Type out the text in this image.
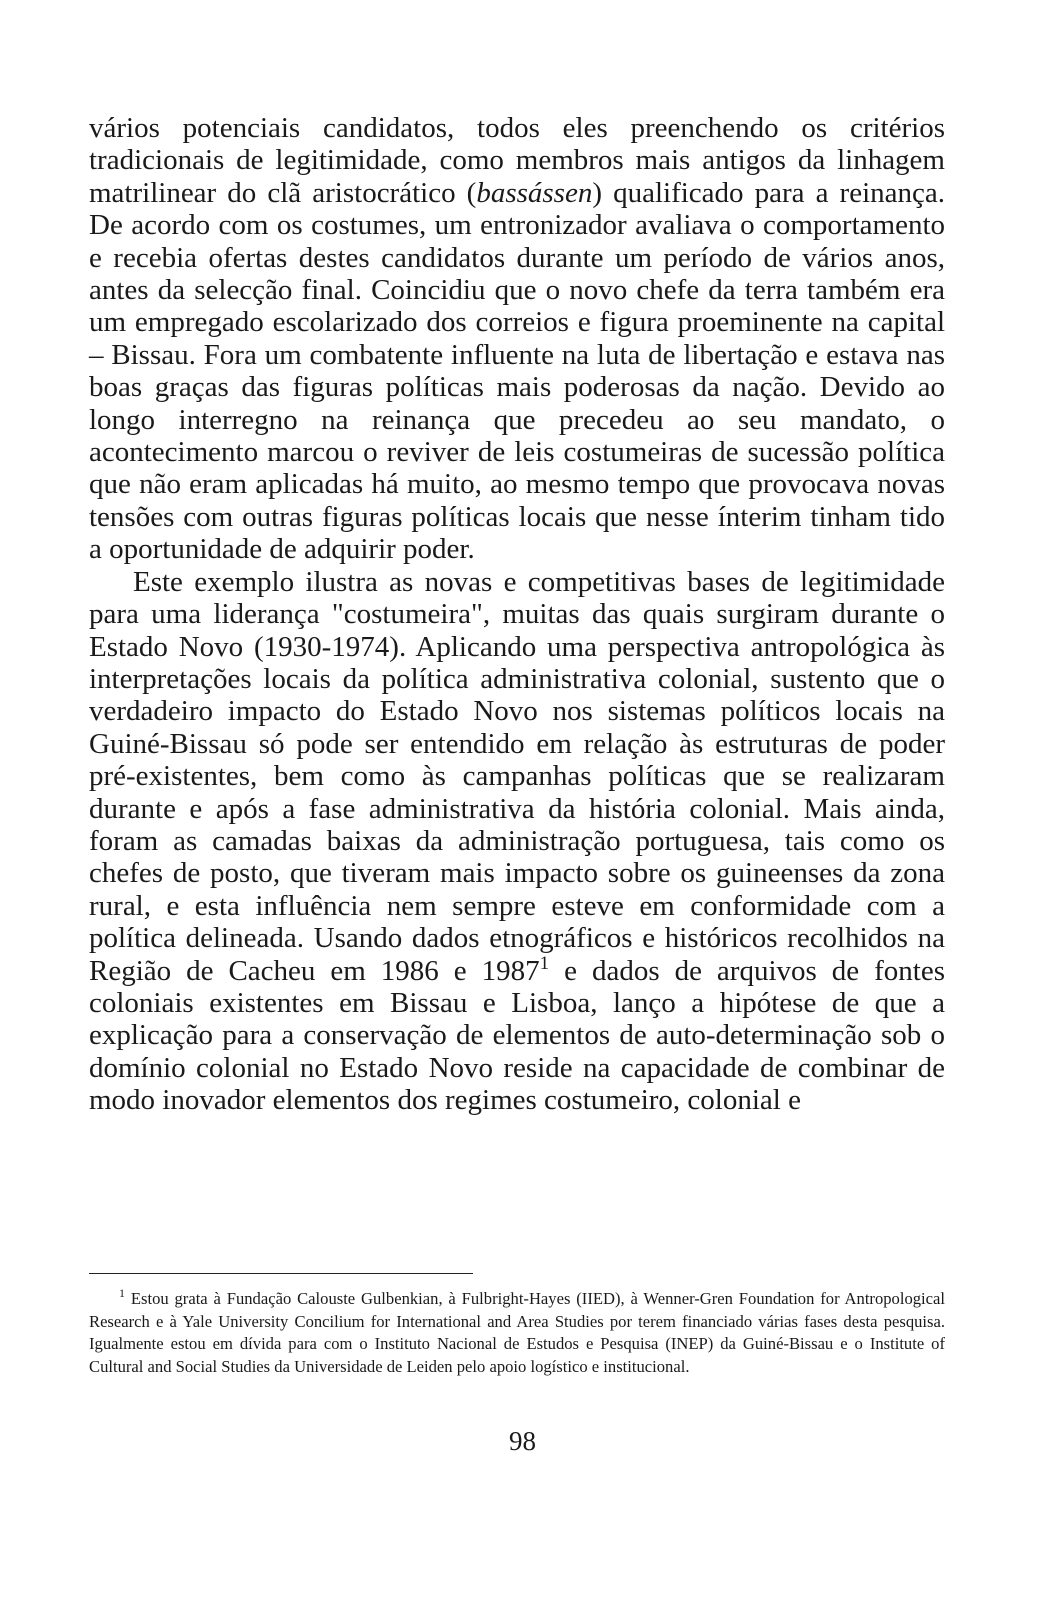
vários potenciais candidatos, todos eles preenchendo os critérios tradicionais de legitimidade, como membros mais antigos da linhagem matrilinear do clã aristocrático (bassássen) qualificado para a reinança. De acordo com os costumes, um entronizador avaliava o comportamento e recebia ofertas destes candidatos durante um período de vários anos, antes da selecção final. Coincidiu que o novo chefe da terra também era um empregado escolarizado dos correios e figura proeminente na capital – Bissau. Fora um combatente influente na luta de libertação e estava nas boas graças das figuras políticas mais poderosas da nação. Devido ao longo interregno na reinança que precedeu ao seu mandato, o acontecimento marcou o reviver de leis costumeiras de sucessão política que não eram aplicadas há muito, ao mesmo tempo que provocava novas tensões com outras figuras políticas locais que nesse ínterim tinham tido a oportunidade de adquirir poder.

Este exemplo ilustra as novas e competitivas bases de legitimidade para uma liderança "costumeira", muitas das quais surgiram durante o Estado Novo (1930-1974). Aplicando uma perspectiva antropológica às interpretações locais da política administrativa colonial, sustento que o verdadeiro impacto do Estado Novo nos sistemas políticos locais na Guiné-Bissau só pode ser entendido em relação às estruturas de poder pré-existentes, bem como às campanhas políticas que se realizaram durante e após a fase administrativa da história colonial. Mais ainda, foram as camadas baixas da administração portuguesa, tais como os chefes de posto, que tiveram mais impacto sobre os guineenses da zona rural, e esta influência nem sempre esteve em conformidade com a política delineada. Usando dados etnográficos e históricos recolhidos na Região de Cacheu em 1986 e 1987$^1$ e dados de arquivos de fontes coloniais existentes em Bissau e Lisboa, lanço a hipótese de que a explicação para a conservação de elementos de auto-determinação sob o domínio colonial no Estado Novo reside na capacidade de combinar de modo inovador elementos dos regimes costumeiro, colonial e

$^1$ Estou grata à Fundação Calouste Gulbenkian, à Fulbright-Hayes (IIED), à Wenner-Gren Foundation for Antropological Research e à Yale University Concilium for International and Area Studies por terem financiado várias fases desta pesquisa. Igualmente estou em dívida para com o Instituto Nacional de Estudos e Pesquisa (INEP) da Guiné-Bissau e o Institute of Cultural and Social Studies da Universidade de Leiden pelo apoio logístico e institucional.

98
